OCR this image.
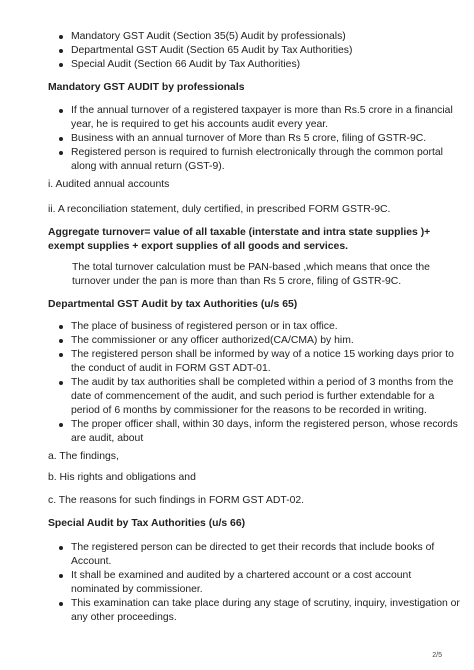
Mandatory GST Audit (Section 35(5) Audit by professionals)
Departmental GST Audit (Section 65 Audit by Tax Authorities)
Special Audit (Section 66 Audit by Tax Authorities)
Mandatory GST AUDIT by professionals
If the annual turnover of a registered taxpayer is more than Rs.5 crore in a financial year, he is required to get his accounts audit every year.
Business with an annual turnover of More than Rs 5 crore, filing of GSTR-9C.
Registered person is required to furnish electronically through the common portal along with annual return (GST-9).
i. Audited annual accounts
ii. A reconciliation statement, duly certified, in prescribed FORM GSTR-9C.
Aggregate turnover= value of all taxable (interstate and intra state supplies )+ exempt supplies + export supplies of all goods and services.
The total turnover calculation must be PAN-based ,which means that once the turnover under the pan is more than than Rs 5 crore, filing of GSTR-9C.
Departmental GST Audit by tax Authorities (u/s 65)
The place of business of registered person or in tax office.
The commissioner or any officer authorized(CA/CMA) by him.
The registered person shall be informed by way of a notice 15 working days prior to the conduct of audit in FORM GST ADT-01.
The audit by tax authorities shall be completed within a period of 3 months from the date of commencement of the audit, and such period is further extendable for a period of 6 months by commissioner for the reasons to be recorded in writing.
The proper officer shall, within 30 days, inform the registered person, whose records are audit, about
a. The findings,
b. His rights and obligations and
c. The reasons for such findings in FORM GST ADT-02.
Special Audit by Tax Authorities (u/s 66)
The registered person can be directed to get their records that include books of Account.
It shall be examined and audited by a chartered account or a cost account nominated by commissioner.
This examination can take place during any stage of scrutiny, inquiry, investigation or any other proceedings.
2/5
